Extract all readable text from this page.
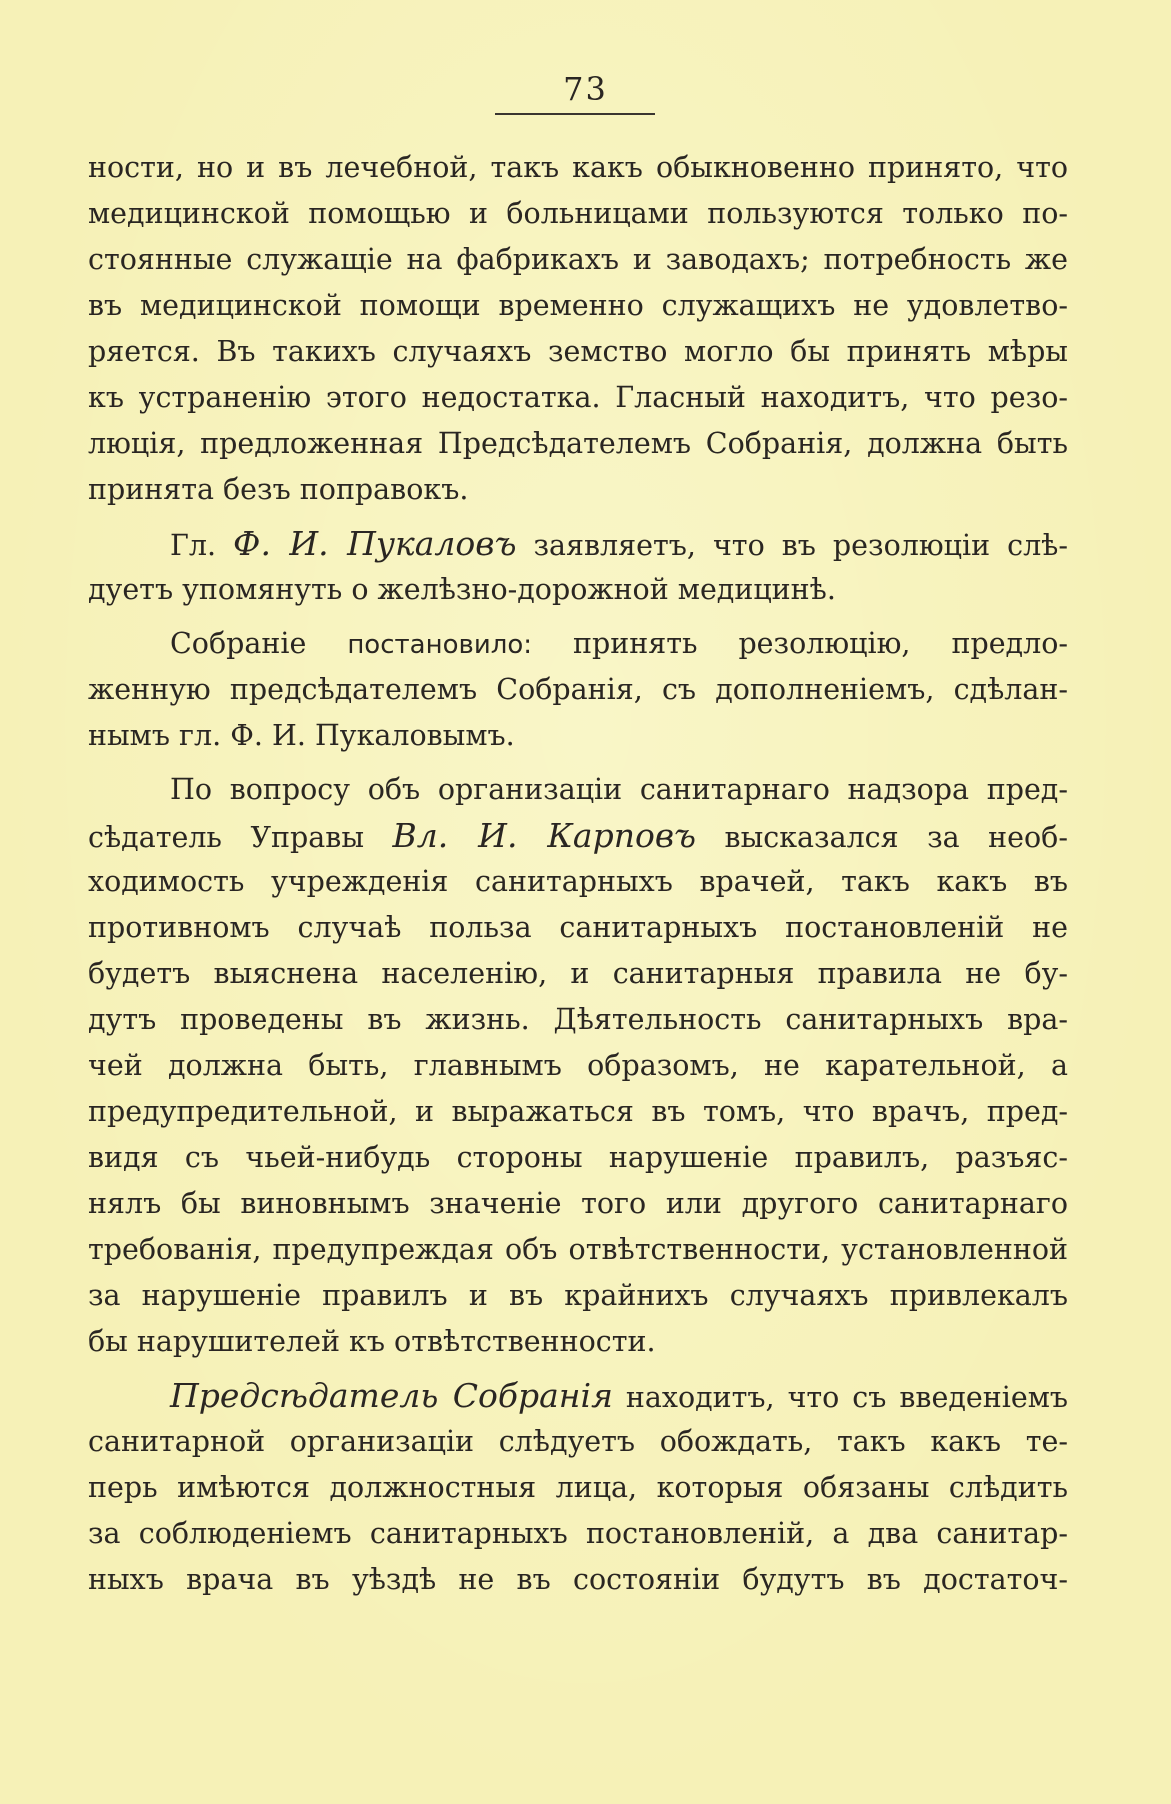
73
ности, но и въ лечебной, такъ какъ обыкновенно принято, что
медицинской помощью и больницами пользуются только по-
стоянные служащіе на фабрикахъ и заводахъ; потребность же
въ медицинской помощи временно служащихъ не удовлетво-
ряется. Въ такихъ случаяхъ земство могло бы принять мѣры
къ устраненію этого недостатка. Гласный находитъ, что резо-
люція, предложенная Предсѣдателемъ Собранія, должна быть
принята безъ поправокъ.
Гл. Ф. И. Пукаловъ заявляетъ, что въ резолюціи слѣ-
дуетъ упомянуть о желѣзно-дорожной медицинѣ.
Собраніе постановило: принять резолюцію, предло-
женную предсѣдателемъ Собранія, съ дополненіемъ, сдѣлан-
нымъ гл. Ф. И. Пукаловымъ.
По вопросу объ организаціи санитарнаго надзора пред-
сѣдатель Управы Вл. И. Карповъ высказался за необ-
ходимость учрежденія санитарныхъ врачей, такъ какъ въ
противномъ случаѣ польза санитарныхъ постановленій не
будетъ выяснена населенію, и санитарныя правила не бу-
дутъ проведены въ жизнь. Дѣятельность санитарныхъ вра-
чей должна быть, главнымъ образомъ, не карательной, а
предупредительной, и выражаться въ томъ, что врачъ, пред-
видя съ чьей-нибудь стороны нарушеніе правилъ, разъяс-
нялъ бы виновнымъ значеніе того или другого санитарнаго
требованія, предупреждая объ отвѣтственности, установленной
за нарушеніе правилъ и въ крайнихъ случаяхъ привлекалъ
бы нарушителей къ отвѣтственности.
Предсѣдатель Собранія находитъ, что съ введеніемъ
санитарной организаціи слѣдуетъ обождать, такъ какъ те-
перь имѣются должностныя лица, которыя обязаны слѣдить
за соблюденіемъ санитарныхъ постановленій, а два санитар-
ныхъ врача въ уѣздѣ не въ состояніи будутъ въ достаточ-
